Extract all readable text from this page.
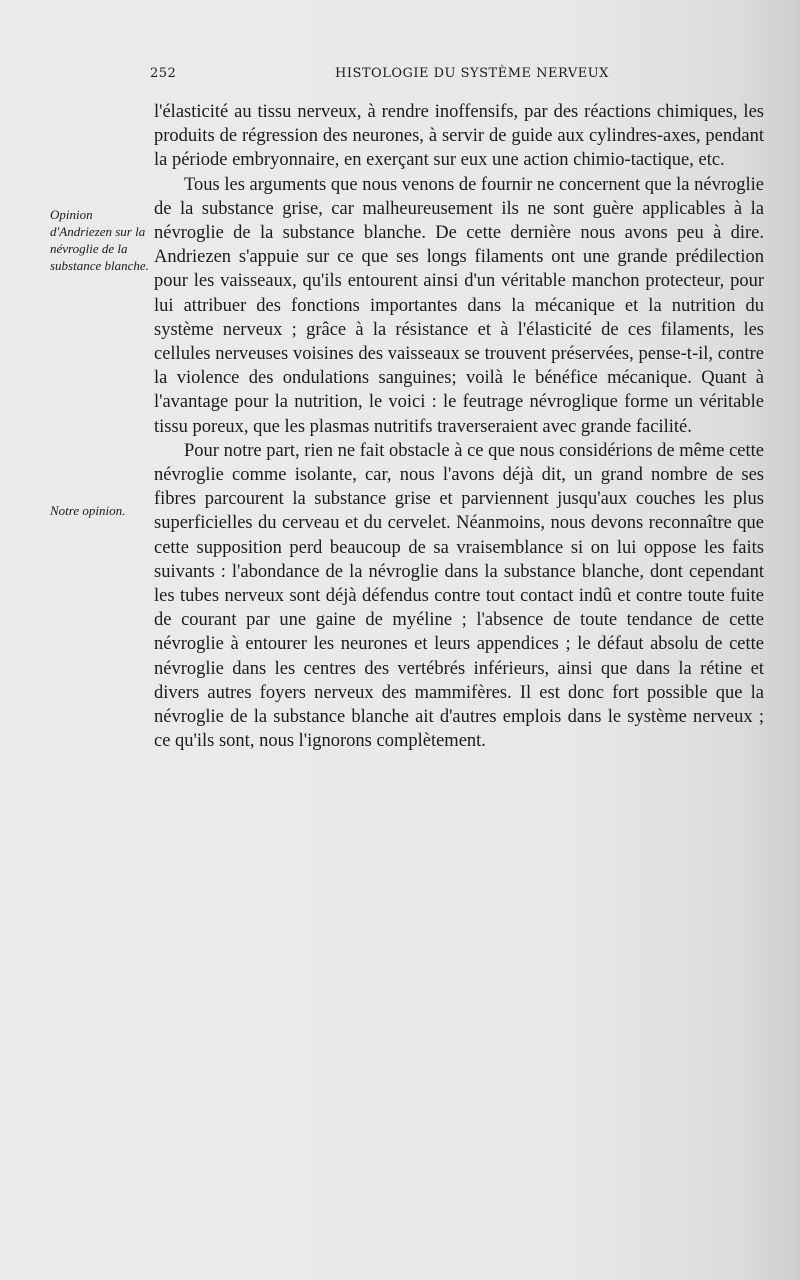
252	HISTOLOGIE DU SYSTÈME NERVEUX
Opinion d'Andriezen sur la névroglie de la substance blanche.
Notre opinion.

l'élasticité au tissu nerveux, à rendre inoffensifs, par des réactions chimiques, les produits de régression des neurones, à servir de guide aux cylindres-axes, pendant la période embryonnaire, en exerçant sur eux une action chimio-tactique, etc.

Tous les arguments que nous venons de fournir ne concernent que la névroglie de la substance grise, car malheureusement ils ne sont guère applicables à la névroglie de la substance blanche. De cette dernière nous avons peu à dire. Andriezen s'appuie sur ce que ses longs filaments ont une grande prédilection pour les vaisseaux, qu'ils entourent ainsi d'un véritable manchon protecteur, pour lui attribuer des fonctions importantes dans la mécanique et la nutrition du système nerveux ; grâce à la résistance et à l'élasticité de ces filaments, les cellules nerveuses voisines des vaisseaux se trouvent préservées, pense-t-il, contre la violence des ondulations sanguines; voilà le bénéfice mécanique. Quant à l'avantage pour la nutrition, le voici : le feutrage névroglique forme un véritable tissu poreux, que les plasmas nutritifs traverseraient avec grande facilité.

Pour notre part, rien ne fait obstacle à ce que nous considérions de même cette névroglie comme isolante, car, nous l'avons déjà dit, un grand nombre de ses fibres parcourent la substance grise et parviennent jusqu'aux couches les plus superficielles du cerveau et du cervelet. Néanmoins, nous devons reconnaître que cette supposition perd beaucoup de sa vraisemblance si on lui oppose les faits suivants : l'abondance de la névroglie dans la substance blanche, dont cependant les tubes nerveux sont déjà défendus contre tout contact indû et contre toute fuite de courant par une gaine de myéline ; l'absence de toute tendance de cette névroglie à entourer les neurones et leurs appendices ; le défaut absolu de cette névroglie dans les centres des vertébrés inférieurs, ainsi que dans la rétine et divers autres foyers nerveux des mammifères. Il est donc fort possible que la névroglie de la substance blanche ait d'autres emplois dans le système nerveux ; ce qu'ils sont, nous l'ignorons complètement.
